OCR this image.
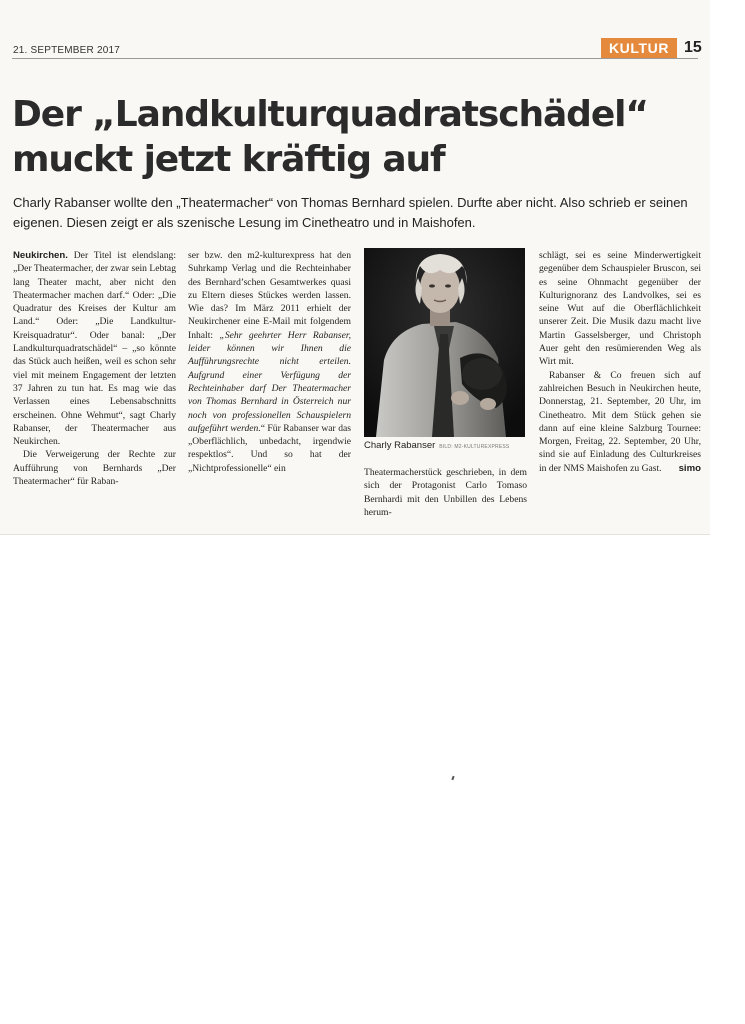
21. SEPTEMBER 2017	KULTUR 15
Der „Landkulturquadratschädel“
muckt jetzt kräftig auf

Charly Rabanser wollte den „Theatermacher“ von Thomas Bernhard spielen. Durfte aber nicht. Also schrieb er seinen eigenen. Diesen zeigt er als szenische Lesung im Cinetheatro und in Maishofen.

Neukirchen. Der Titel ist elendslang: „Der Theatermacher, der zwar sein Lebtag lang Theater macht, aber nicht den Theatermacher machen darf.“ Oder: „Die Quadratur des Kreises der Kultur am Land.“ Oder: „Die Landkultur-Kreisquadratur“. Oder banal: „Der Landkulturquadratschädel“ – „so könnte das Stück auch heißen, weil es schon sehr viel mit meinem Engagement der letzten 37 Jahren zu tun hat. Es mag wie das Verlassen eines Lebensabschnitts erscheinen. Ohne Wehmut“, sagt Charly Rabanser, der Theatermacher aus Neukirchen.

Die Verweigerung der Rechte zur Aufführung von Bernhards „Der Theatermacher“ für Raban-

ser bzw. den m2-kulturexpress hat den Suhrkamp Verlag und die Rechteinhaber des Bernhard’schen Gesamtwerkes quasi zu Eltern dieses Stückes werden lassen. Wie das? Im März 2011 erhielt der Neukirchener eine E-Mail mit folgendem Inhalt: „Sehr geehrter Herr Rabanser, leider können wir Ihnen die Aufführungsrechte nicht erteilen. Aufgrund einer Verfügung der Rechteinhaber darf Der Theatermacher von Thomas Bernhard in Österreich nur noch von professionellen Schauspielern aufgeführt werden.“ Für Rabanser war das „Oberflächlich, unbedacht, irgendwie respektlos“. Und so hat der „Nichtprofessionelle“ ein

Charly Rabanser BILD: M2-KULTUREXPRESS

Theatermacherstück geschrieben, in dem sich der Protagonist Carlo Tomaso Bernhardi mit den Unbillen des Lebens herum-

schlägt, sei es seine Minderwertigkeit gegenüber dem Schauspieler Bruscon, sei es seine Ohnmacht gegenüber der Kulturignoranz des Landvolkes, sei es seine Wut auf die Oberflächlichkeit unserer Zeit. Die Musik dazu macht live Martin Gasselsberger, und Christoph Auer geht den resümierenden Weg als Wirt mit.

Rabanser & Co freuen sich auf zahlreichen Besuch in Neukirchen heute, Donnerstag, 21. September, 20 Uhr, im Cinetheatro. Mit dem Stück gehen sie dann auf eine kleine Salzburg Tournee: Morgen, Freitag, 22. September, 20 Uhr, sind sie auf Einladung des Culturkreises in der NMS Maishofen zu Gast.	simo
